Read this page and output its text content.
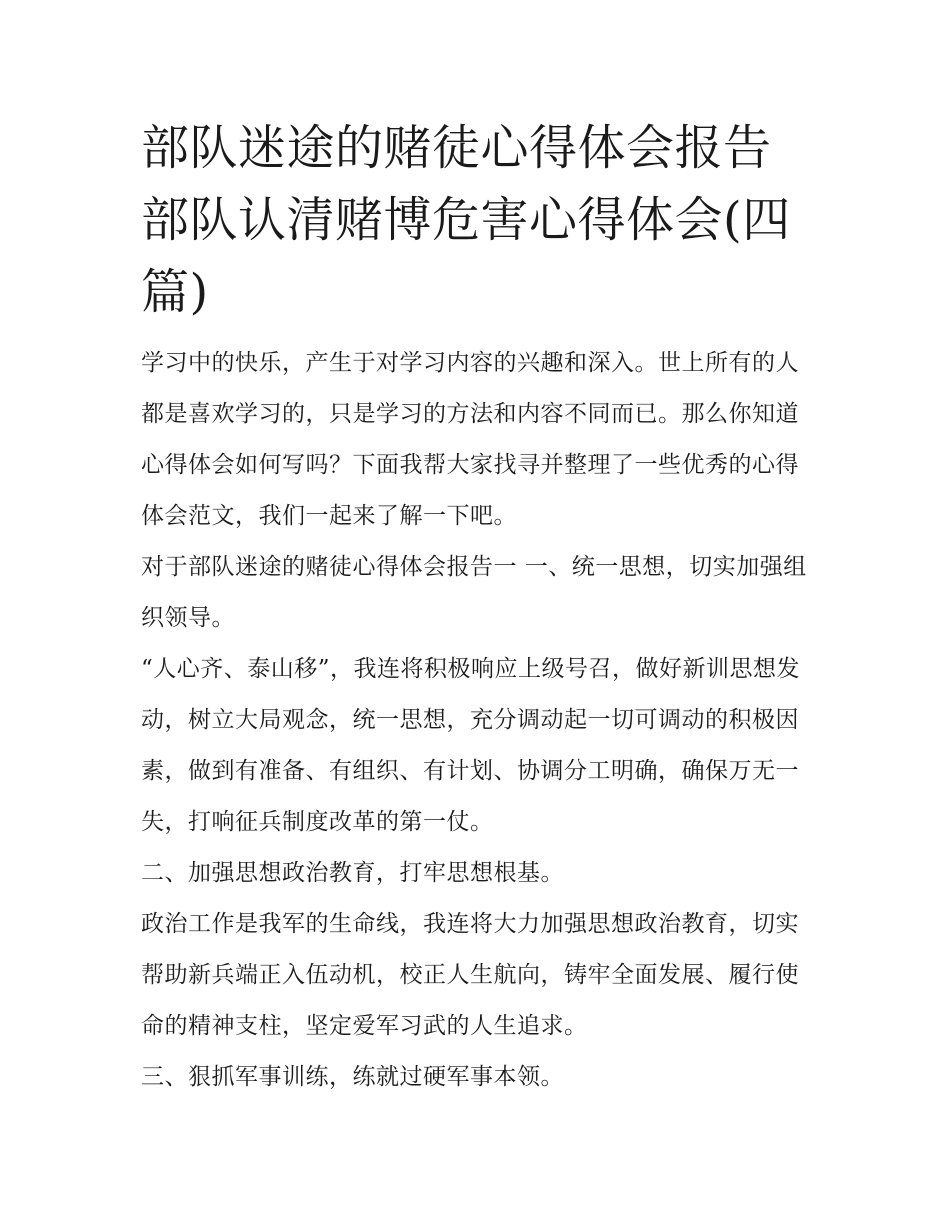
部队迷途的赌徒心得体会报告部队认清赌博危害心得体会(四篇)

学习中的快乐，产生于对学习内容的兴趣和深入。世上所有的人都是喜欢学习的，只是学习的方法和内容不同而已。那么你知道心得体会如何写吗？下面我帮大家找寻并整理了一些优秀的心得体会范文，我们一起来了解一下吧。

对于部队迷途的赌徒心得体会报告一 一、统一思想，切实加强组织领导。

“人心齐、泰山移”，我连将积极响应上级号召，做好新训思想发动，树立大局观念，统一思想，充分调动起一切可调动的积极因素，做到有准备、有组织、有计划、协调分工明确，确保万无一失，打响征兵制度改革的第一仗。

二、加强思想政治教育，打牢思想根基。

政治工作是我军的生命线，我连将大力加强思想政治教育，切实帮助新兵端正入伍动机，校正人生航向，铸牢全面发展、履行使命的精神支柱，坚定爱军习武的人生追求。

三、狠抓军事训练，练就过硬军事本领。
